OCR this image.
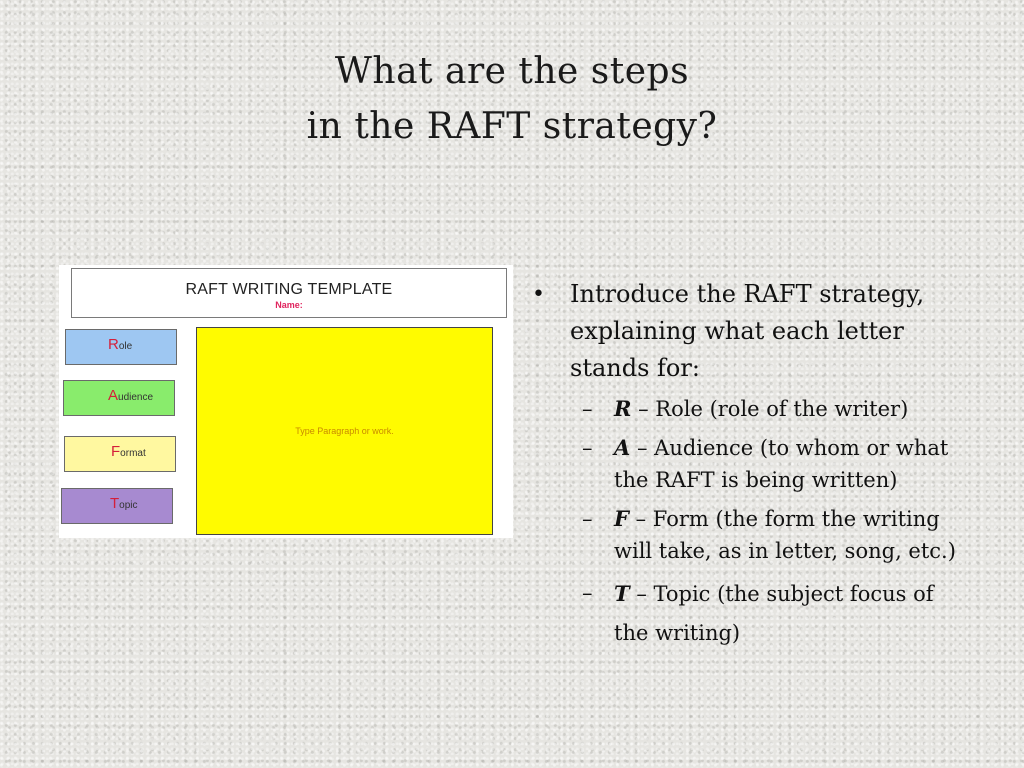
What are the steps
in the RAFT strategy?
RAFT WRITING TEMPLATE
Name:
Role
Audience
Format
Topic
Type Paragraph or work.
• Introduce the RAFT strategy, explaining what each letter stands for:
– R – Role (role of the writer)
– A – Audience (to whom or what the RAFT is being written)
– F – Form (the form the writing will take, as in letter, song, etc.)
– T – Topic (the subject focus of the writing)
